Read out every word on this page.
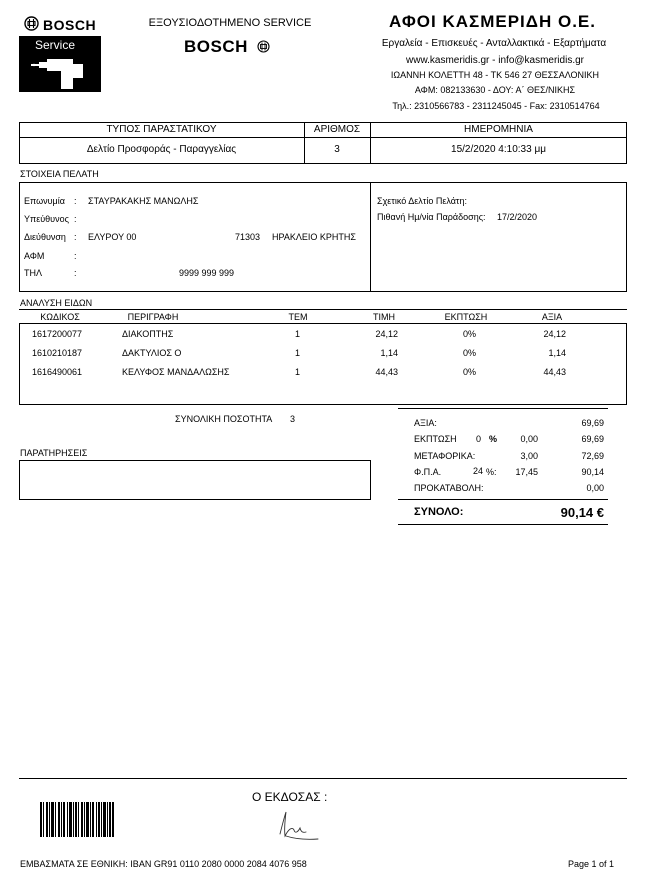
BOSCH
Service
ΕΞΟΥΣΙΟΔΟΤΗΜΕΝΟ SERVICE
BOSCH
ΑΦΟΙ ΚΑΣΜΕΡΙΔΗ Ο.Ε.
Εργαλεία - Επισκευές - Ανταλλακτικά - Εξαρτήματα
www.kasmeridis.gr - info@kasmeridis.gr
ΙΩΑΝΝΗ ΚΟΛΕΤΤΗ 48 - ΤΚ 546 27 ΘΕΣΣΑΛΟΝΙΚΗ
ΑΦΜ: 082133630 - ΔΟΥ: Α΄ ΘΕΣ/ΝΙΚΗΣ
Τηλ.: 2310566783 - 2311245045 - Fax: 2310514764
ΤΥΠΟΣ ΠΑΡΑΣΤΑΤΙΚΟΥ	ΑΡΙΘΜΟΣ	ΗΜΕΡΟΜΗΝΙΑ
Δελτίο Προσφοράς - Παραγγελίας	3	15/2/2020 4:10:33 μμ
ΣΤΟΙΧΕΙΑ ΠΕΛΑΤΗ
Επωνυμία : ΣΤΑΥΡΑΚΑΚΗΣ ΜΑΝΩΛΗΣ
Υπεύθυνος :
Διεύθυνση : ΕΛΥΡΟΥ 00	71303 ΗΡΑΚΛΕΙΟ ΚΡΗΤΗΣ
ΑΦΜ	:
ΤΗΛ	:	9999 999 999
Σχετικό Δελτίο Πελάτη:
Πιθανή Ημ/νία Παράδοσης: 17/2/2020
ΑΝΑΛΥΣΗ ΕΙΔΩΝ
ΚΩΔΙΚΟΣ	ΠΕΡΙΓΡΑΦΗ	ΤΕΜ	ΤΙΜΗ	ΕΚΠΤΩΣΗ	ΑΞΙΑ
1617200077	ΔΙΑΚΟΠΤΗΣ	1	24,12	0%	24,12
1610210187	ΔΑΚΤΥΛΙΟΣ Ο	1	1,14	0%	1,14
1616490061	ΚΕΛΥΦΟΣ ΜΑΝΔΑΛΩΣΗΣ	1	44,43	0%	44,43
ΣΥΝΟΛΙΚΗ ΠΟΣΟΤΗΤΑ 3
ΠΑΡΑΤΗΡΗΣΕΙΣ
ΑΞΙΑ:	69,69
ΕΚΠΤΩΣΗ 0 %	0,00	69,69
ΜΕΤΑΦΟΡΙΚΑ:	3,00	72,69
Φ.Π.Α.	24 %:	17,45	90,14
ΠΡΟΚΑΤΑΒΟΛΗ:	0,00
ΣΥΝΟΛΟ:	90,14 €
Ο ΕΚΔΟΣΑΣ :
ΕΜΒΑΣΜΑΤΑ ΣΕ ΕΘΝΙΚΗ: IBAN GR91 0110 2080 0000 2084 4076 958	Page 1 of 1
